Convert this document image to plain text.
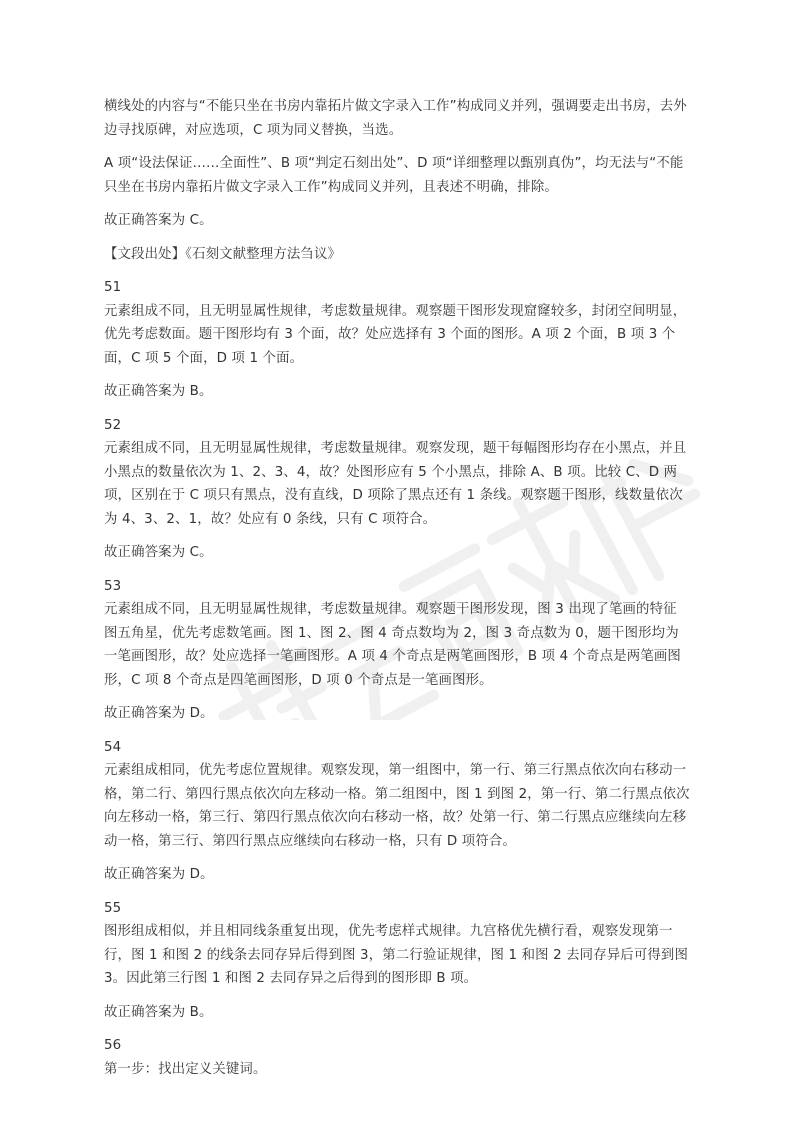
横线处的内容与“不能只坐在书房内靠拓片做文字录入工作”构成同义并列，强调要走出书房，去外边寻找原碑，对应选项，C 项为同义替换，当选。

A 项“设法保证……全面性”、B 项“判定石刻出处”、D 项“详细整理以甄别真伪”，均无法与“不能只坐在书房内靠拓片做文字录入工作”构成同义并列，且表述不明确，排除。

故正确答案为 C。

【文段出处】《石刻文献整理方法刍议》

51

元素组成不同，且无明显属性规律，考虑数量规律。观察题干图形发现窟窿较多，封闭空间明显，优先考虑数面。题干图形均有 3 个面，故？处应选择有 3 个面的图形。A 项 2 个面，B 项 3 个面，C 项 5 个面，D 项 1 个面。

故正确答案为 B。

52

元素组成不同，且无明显属性规律，考虑数量规律。观察发现，题干每幅图形均存在小黑点，并且小黑点的数量依次为 1、2、3、4，故？处图形应有 5 个小黑点，排除 A、B 项。比较 C、D 两项，区别在于 C 项只有黑点，没有直线，D 项除了黑点还有 1 条线。观察题干图形，线数量依次为 4、3、2、1，故？处应有 0 条线，只有 C 项符合。

故正确答案为 C。

53

元素组成不同，且无明显属性规律，考虑数量规律。观察题干图形发现，图 3 出现了笔画的特征图五角星，优先考虑数笔画。图 1、图 2、图 4 奇点数均为 2，图 3 奇点数为 0，题干图形均为一笔画图形，故？处应选择一笔画图形。A 项 4 个奇点是两笔画图形，B 项 4 个奇点是两笔画图形，C 项 8 个奇点是四笔画图形，D 项 0 个奇点是一笔画图形。

故正确答案为 D。

54

元素组成相同，优先考虑位置规律。观察发现，第一组图中，第一行、第三行黑点依次向右移动一格，第二行、第四行黑点依次向左移动一格。第二组图中，图 1 到图 2，第一行、第二行黑点依次向左移动一格，第三行、第四行黑点依次向右移动一格，故？处第一行、第二行黑点应继续向左移动一格，第三行、第四行黑点应继续向右移动一格，只有 D 项符合。

故正确答案为 D。

55

图形组成相似，并且相同线条重复出现，优先考虑样式规律。九宫格优先横行看，观察发现第一行，图 1 和图 2 的线条去同存异后得到图 3，第二行验证规律，图 1 和图 2 去同存异后可得到图 3。因此第三行图 1 和图 2 去同存异之后得到的图形即 B 项。

故正确答案为 B。

56

第一步：找出定义关键词。
